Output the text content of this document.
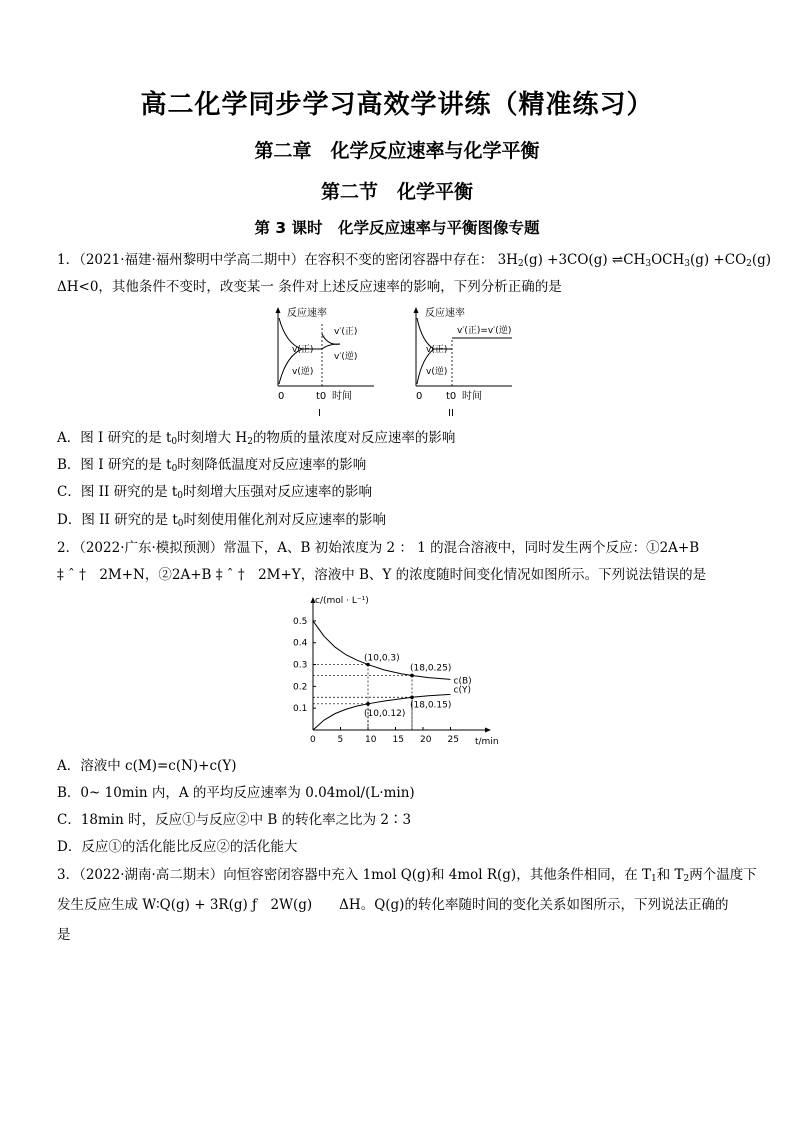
高二化学同步学习高效学讲练（精准练习）
第二章　化学反应速率与化学平衡
第二节　化学平衡
第 3 课时　化学反应速率与平衡图像专题
1．（2021·福建·福州黎明中学高二期中）在容积不变的密闭容器中存在： $3H_2(g) +3CO(g)$ $\rightleftharpoons CH_3OCH_3(g) +CO_2(g)$
ΔH<0，其他条件不变时，改变某一 条件对上述反应速率的影响，下列分析正确的是
反应速率
0	t0 时间
v′(正)
v(正)
v′(逆)
v(逆)
I
反应速率
0 t0 时间
v′(正)=v′(逆)
v(正)
v(逆)
II
A．图 I 研究的是 $t_0$时刻增大 $H_2$的物质的量浓度对反应速率的影响
B．图 I 研究的是 $t_0$时刻降低温度对反应速率的影响
C．图 II 研究的是 $t_0$时刻增大压强对反应速率的影响
D．图 II 研究的是 $t_0$时刻使用催化剂对反应速率的影响
2．（2022·广东·模拟预测）常温下，A、B 初始浓度为 2 ： 1 的混合溶液中，同时发生两个反应：①2A+B
‡ ˆ †　2M+N，②2A+B ‡ ˆ †　2M+Y，溶液中 B、Y 的浓度随时间变化情况如图所示。下列说法错误的是
c/(mol · L⁻¹)
t/min
0 5 10 15 20 25
0.1
0.2
0.3
0.4
0.5
c(B)
c(Y)
(10,0.3)
(18,0.25)
(10,0.12)
(18,0.15)
A．溶液中 c(M)=c(N)+c(Y)
B．0~ 10min 内，A 的平均反应速率为 0.04mol/(L·min)
C．18min 时，反应①与反应②中 B 的转化率之比为 2∶3
D．反应①的活化能比反应②的活化能大
3．（2022·湖南·高二期末）向恒容密闭容器中充入 1mol Q(g)和 4mol R(g)，其他条件相同，在 $T_1$和 $T_2$两个温度下
发生反应生成 W∶Q(g) + 3R(g) ƒ　2W(g)　　ΔH。Q(g)的转化率随时间的变化关系如图所示，下列说法正确的
是
